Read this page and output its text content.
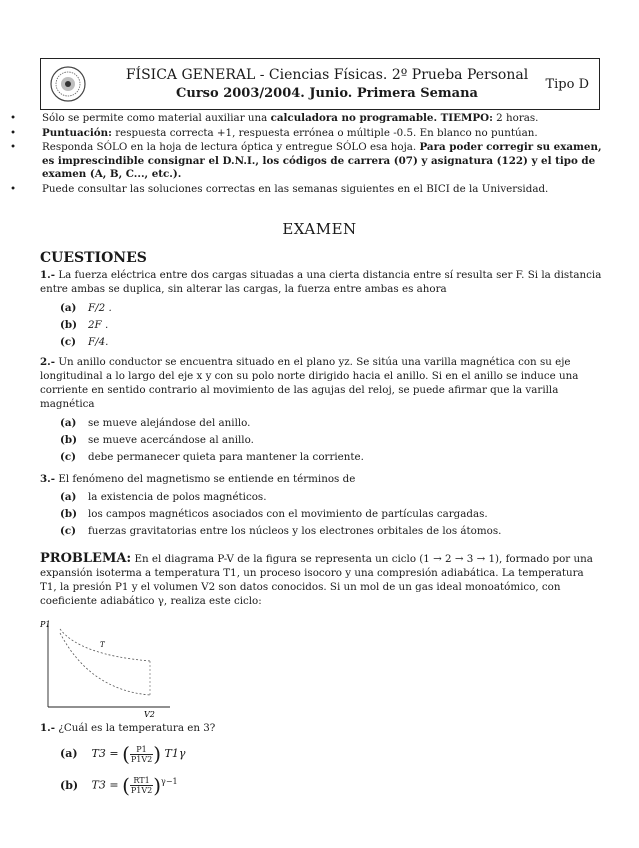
FÍSICA GENERAL - Ciencias Físicas. 2º Prueba Personal
Curso 2003/2004. Junio. Primera Semana
Tipo D
•	Sólo se permite como material auxiliar una calculadora no programable. TIEMPO: 2 horas.
•	Puntuación: respuesta correcta +1, respuesta errónea o múltiple -0.5. En blanco no puntúan.
•	Responda SÓLO en la hoja de lectura óptica y entregue SÓLO esa hoja. Para poder corregir su examen, es imprescindible consignar el D.N.I., los códigos de carrera (07) y asignatura (122) y el tipo de examen (A, B, C..., etc.).
•	Puede consultar las soluciones correctas en las semanas siguientes en el BICI de la Universidad.
EXAMEN
CUESTIONES
1.- La fuerza eléctrica entre dos cargas situadas a una cierta distancia entre sí resulta ser F. Si la distancia entre ambas se duplica, sin alterar las cargas, la fuerza entre ambas es ahora
(a) F/2 .
(b) 2F .
(c) F/4.
2.- Un anillo conductor se encuentra situado en el plano yz. Se sitúa una varilla magnética con su eje longitudinal a lo largo del eje x y con su polo norte dirigido hacia el anillo. Si en el anillo se induce una corriente en sentido contrario al movimiento de las agujas del reloj, se puede afirmar que la varilla magnética
(a) se mueve alejándose del anillo.
(b) se mueve acercándose al anillo.
(c) debe permanecer quieta para mantener la corriente.
3.- El fenómeno del magnetismo se entiende en términos de
(a) la existencia de polos magnéticos.
(b) los campos magnéticos asociados con el movimiento de partículas cargadas.
(c) fuerzas gravitatorias entre los núcleos y los electrones orbitales de los átomos.
PROBLEMA: En el diagrama P-V de la figura se representa un ciclo (1 → 2 → 3 → 1), formado por una expansión isoterma a temperatura T1, un proceso isocoro y una compresión adiabática. La temperatura T1, la presión P1 y el volumen V2 son datos conocidos. Si un mol de un gas ideal monoatómico, con coeficiente adiabático γ, realiza este ciclo:
P1
V2
T
1.- ¿Cuál es la temperatura en 3?
(a) T3 = ( $\frac{P1}{P1V2}$ ) T1γ
(b) T3 = ( $\frac{RT1}{P1V2} )^{\gamma-1}$
